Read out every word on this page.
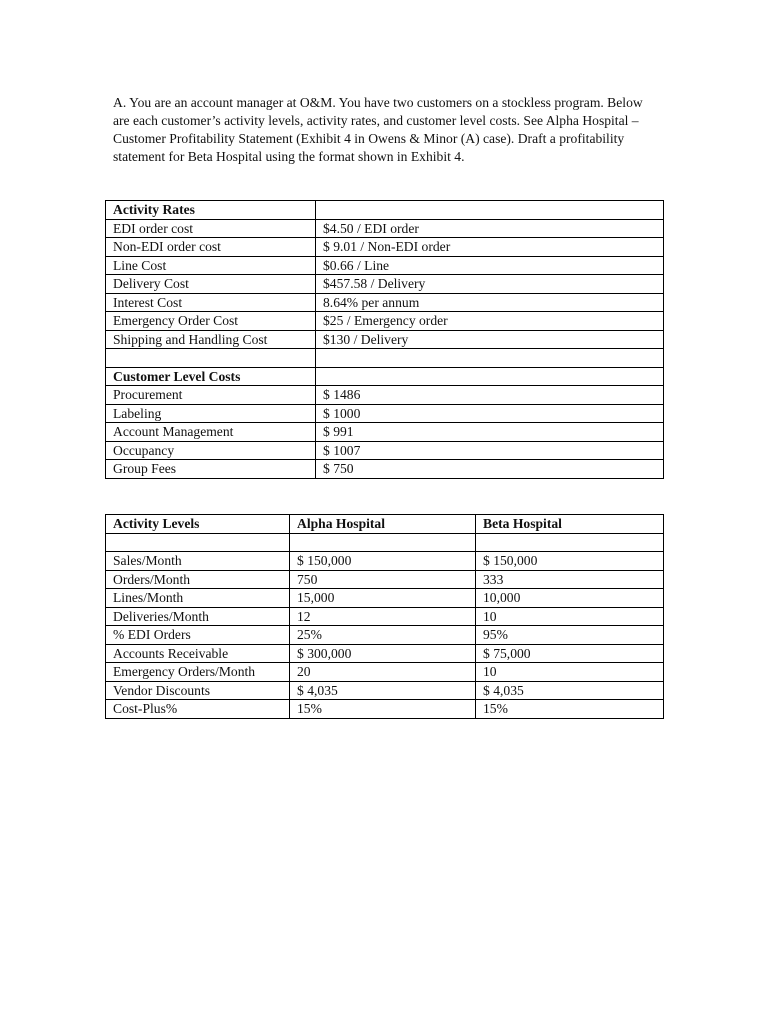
A. You are an account manager at O&M. You have two customers on a stockless program. Below are each customer’s activity levels, activity rates, and customer level costs. See Alpha Hospital – Customer Profitability Statement (Exhibit 4 in Owens & Minor (A) case). Draft a profitability statement for Beta Hospital using the format shown in Exhibit 4.

Activity Rates	
EDI order cost	$4.50 / EDI order
Non-EDI order cost	$ 9.01 / Non-EDI order
Line Cost	$0.66 / Line
Delivery Cost	$457.58 / Delivery
Interest Cost	8.64% per annum
Emergency Order Cost	$25 / Emergency order
Shipping and Handling Cost	$130 / Delivery

Customer Level Costs	
Procurement	$ 1486
Labeling	$ 1000
Account Management	$ 991
Occupancy	$ 1007
Group Fees	$ 750
Activity Levels	Alpha Hospital	Beta Hospital

Sales/Month	$ 150,000	$ 150,000
Orders/Month	750	333
Lines/Month	15,000	10,000
Deliveries/Month	12	10
% EDI Orders	25%	95%
Accounts Receivable	$ 300,000	$ 75,000
Emergency Orders/Month	20	10
Vendor Discounts	$ 4,035	$ 4,035
Cost-Plus%	15%	15%
